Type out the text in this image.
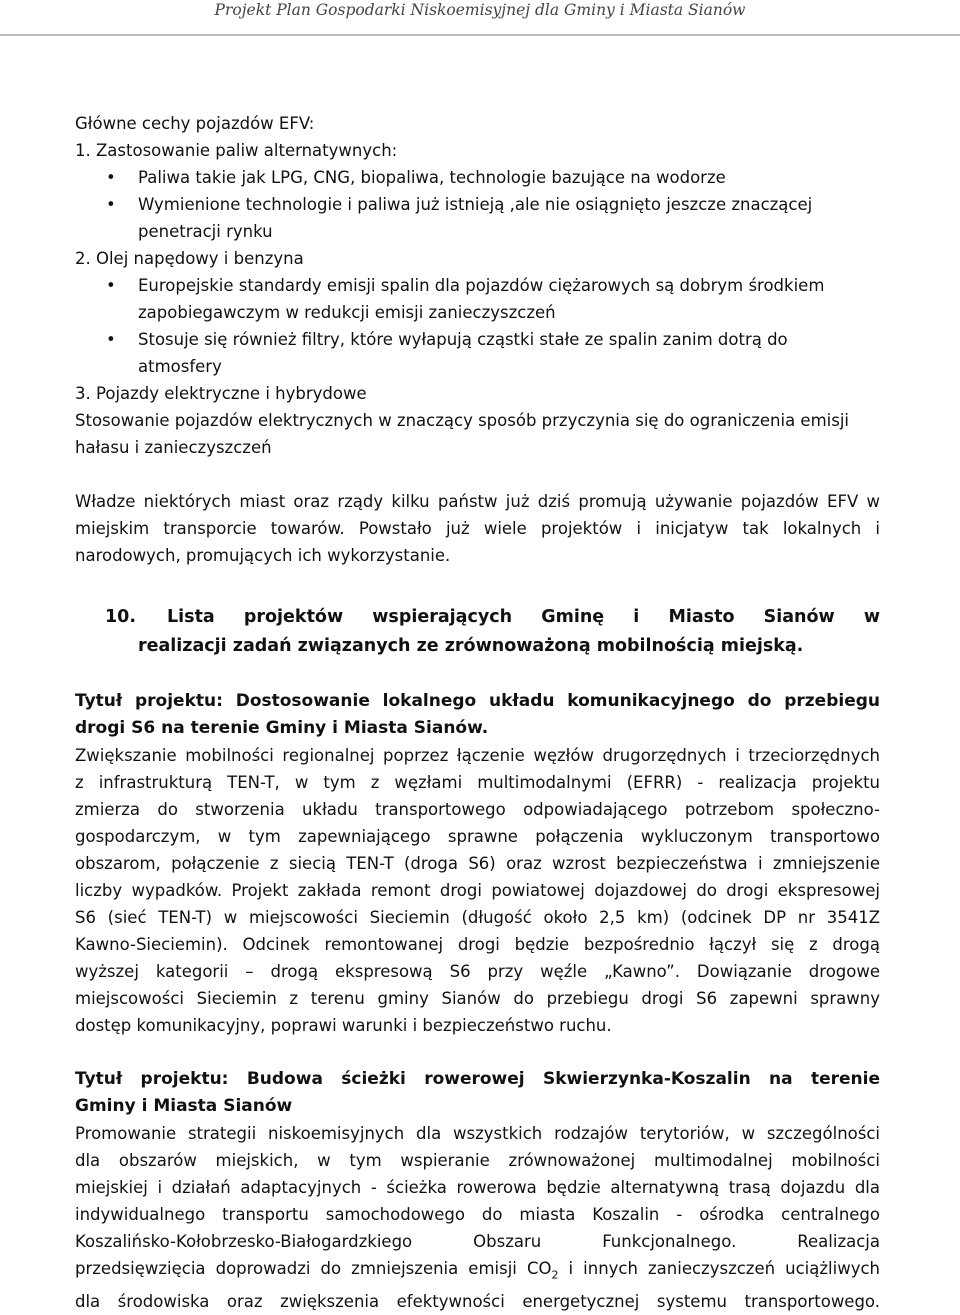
Projekt Plan Gospodarki Niskoemisyjnej dla Gminy i Miasta Sianów
Główne cechy pojazdów EFV:
1. Zastosowanie paliw alternatywnych:
• Paliwa takie jak LPG, CNG, biopaliwa, technologie bazujące na wodorze
• Wymienione technologie i paliwa już istnieją ,ale nie osiągnięto jeszcze znaczącej
penetracji rynku
2. Olej napędowy i benzyna
• Europejskie standardy emisji spalin dla pojazdów ciężarowych są dobrym środkiem
zapobiegawczym w redukcji emisji zanieczyszczeń
• Stosuje się również filtry, które wyłapują cząstki stałe ze spalin zanim dotrą do
atmosfery
3. Pojazdy elektryczne i hybrydowe
Stosowanie pojazdów elektrycznych w znaczący sposób przyczynia się do ograniczenia emisji
hałasu i zanieczyszczeń
Władze niektórych miast oraz rządy kilku państw już dziś promują używanie pojazdów EFV w
miejskim transporcie towarów. Powstało już wiele projektów i inicjatyw tak lokalnych i
narodowych, promujących ich wykorzystanie.
10.	Lista projektów wspierających Gminę i Miasto Sianów w
realizacji zadań związanych ze zrównoważoną mobilnością miejską.
Tytuł projektu: Dostosowanie lokalnego układu komunikacyjnego do przebiegu
drogi S6 na terenie Gminy i Miasta Sianów.
Zwiększanie mobilności regionalnej poprzez łączenie węzłów drugorzędnych i trzeciorzędnych
z infrastrukturą TEN-T, w tym z węzłami multimodalnymi (EFRR) - realizacja projektu
zmierza do stworzenia układu transportowego odpowiadającego potrzebom społeczno-
gospodarczym, w tym zapewniającego sprawne połączenia wykluczonym transportowo
obszarom, połączenie z siecią TEN-T (droga S6) oraz wzrost bezpieczeństwa i zmniejszenie
liczby wypadków. Projekt zakłada remont drogi powiatowej dojazdowej do drogi ekspresowej
S6 (sieć TEN-T) w miejscowości Sieciemin (długość około 2,5 km) (odcinek DP nr 3541Z
Kawno-Sieciemin). Odcinek remontowanej drogi będzie bezpośrednio łączył się z drogą
wyższej kategorii – drogą ekspresową S6 przy węźle „Kawno”. Dowiązanie drogowe
miejscowości Sieciemin z terenu gminy Sianów do przebiegu drogi S6 zapewni sprawny
dostęp komunikacyjny, poprawi warunki i bezpieczeństwo ruchu.
Tytuł projektu: Budowa ścieżki rowerowej Skwierzynka-Koszalin na terenie
Gminy i Miasta Sianów
Promowanie strategii niskoemisyjnych dla wszystkich rodzajów terytoriów, w szczególności
dla obszarów miejskich, w tym wspieranie zrównoważonej multimodalnej mobilności
miejskiej i działań adaptacyjnych - ścieżka rowerowa będzie alternatywną trasą dojazdu dla
indywidualnego transportu samochodowego do miasta Koszalin - ośrodka centralnego
Koszalińsko-Kołobrzesko-Białogardzkiego Obszaru Funkcjonalnego. Realizacja
przedsięwzięcia doprowadzi do zmniejszenia emisji $CO_2$ i innych zanieczyszczeń uciążliwych
dla środowiska oraz zwiększenia efektywności energetycznej systemu transportowego.
